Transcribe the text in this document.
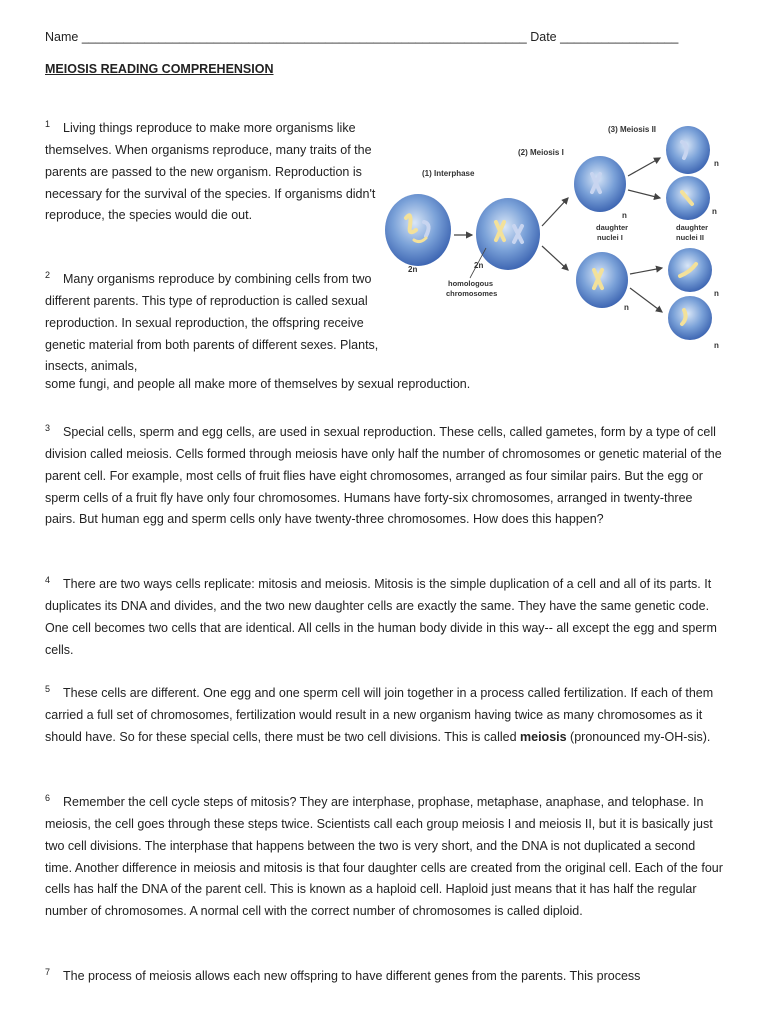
Name ________________________________________________________________ Date _________________
MEIOSIS READING COMPREHENSION
(1) Interphase
(2) Meiosis I
(3) Meiosis II
2n	2n
homologous
chromosomes
n
daughter
nuclei I
n
n
n
daughter
nuclei II
n
n

$^1$ Living things reproduce to make more organisms like themselves. When organisms reproduce, many traits of the parents are passed to the new organism. Reproduction is necessary for the survival of the species. If organisms didn't reproduce, the species would die out.

$^2$ Many organisms reproduce by combining cells from two different parents. This type of reproduction is called sexual reproduction. In sexual reproduction, the offspring receive genetic material from both parents of different sexes. Plants, insects, animals,

some fungi, and people all make more of themselves by sexual reproduction.

$^3$ Special cells, sperm and egg cells, are used in sexual reproduction. These cells, called gametes, form by a type of cell division called meiosis. Cells formed through meiosis have only half the number of chromosomes or genetic material of the parent cell. For example, most cells of fruit flies have eight chromosomes, arranged as four similar pairs. But the egg or sperm cells of a fruit fly have only four chromosomes. Humans have forty-six chromosomes, arranged in twenty-three pairs. But human egg and sperm cells only have twenty-three chromosomes. How does this happen?

$^4$ There are two ways cells replicate: mitosis and meiosis. Mitosis is the simple duplication of a cell and all of its parts. It duplicates its DNA and divides, and the two new daughter cells are exactly the same. They have the same genetic code. One cell becomes two cells that are identical. All cells in the human body divide in this way-- all except the egg and sperm cells.

$^5$ These cells are different. One egg and one sperm cell will join together in a process called fertilization. If each of them carried a full set of chromosomes, fertilization would result in a new organism having twice as many chromosomes as it should have. So for these special cells, there must be two cell divisions. This is called meiosis (pronounced my-OH-sis).

$^6$ Remember the cell cycle steps of mitosis? They are interphase, prophase, metaphase, anaphase, and telophase. In meiosis, the cell goes through these steps twice. Scientists call each group meiosis I and meiosis II, but it is basically just two cell divisions. The interphase that happens between the two is very short, and the DNA is not duplicated a second time. Another difference in meiosis and mitosis is that four daughter cells are created from the original cell. Each of the four cells has half the DNA of the parent cell. This is known as a haploid cell. Haploid just means that it has half the regular number of chromosomes. A normal cell with the correct number of chromosomes is called diploid.

$^7$ The process of meiosis allows each new offspring to have different genes from the parents. This process
